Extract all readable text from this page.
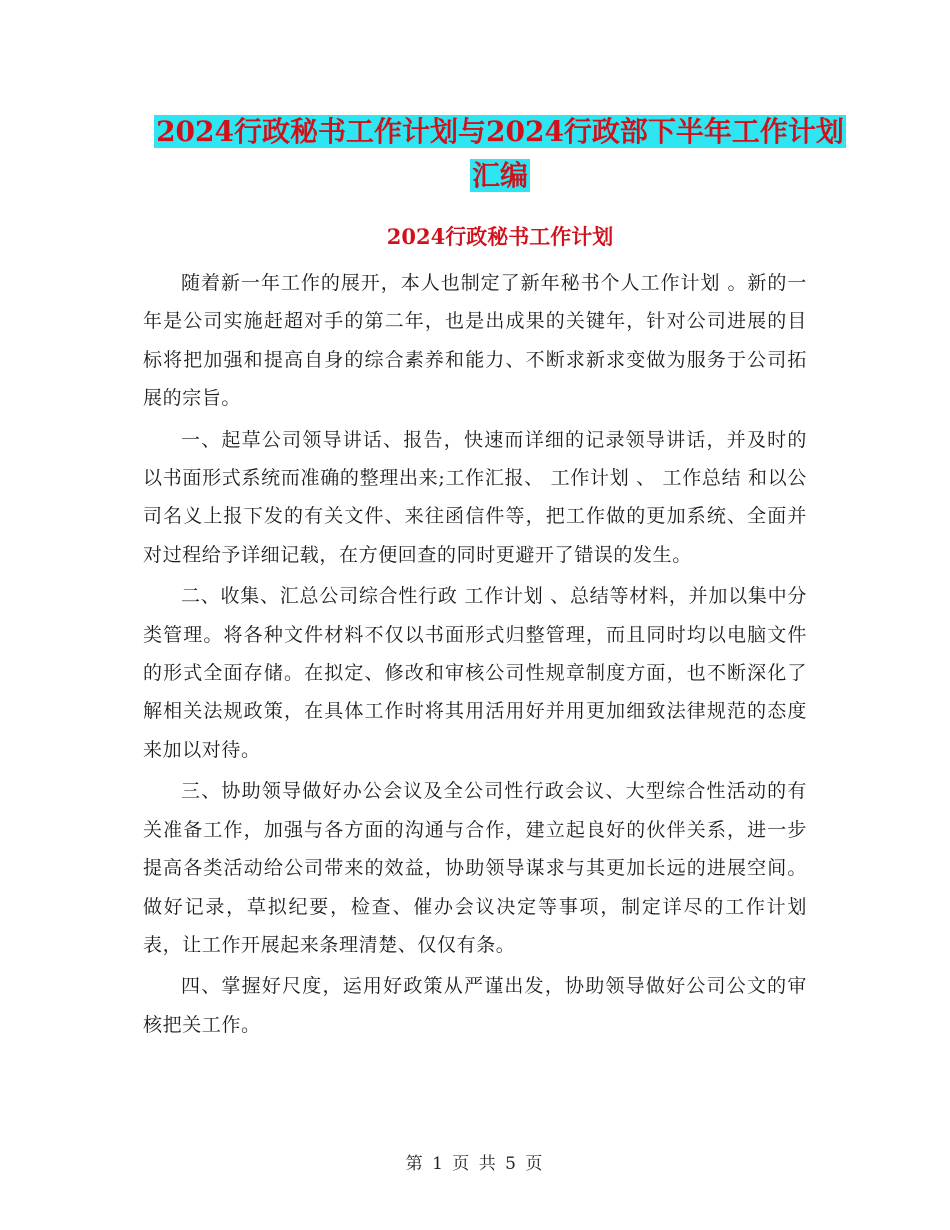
2024行政秘书工作计划与2024行政部下半年工作计划
汇编
2024行政秘书工作计划

随着新一年工作的展开，本人也制定了新年秘书个人工作计划 。新的一年是公司实施赶超对手的第二年，也是出成果的关键年，针对公司进展的目标将把加强和提高自身的综合素养和能力、不断求新求变做为服务于公司拓展的宗旨。

一、起草公司领导讲话、报告，快速而详细的记录领导讲话，并及时的以书面形式系统而准确的整理出来;工作汇报、 工作计划 、 工作总结 和以公司名义上报下发的有关文件、来往函信件等，把工作做的更加系统、全面并对过程给予详细记载，在方便回查的同时更避开了错误的发生。

二、收集、汇总公司综合性行政 工作计划 、总结等材料，并加以集中分类管理。将各种文件材料不仅以书面形式归整管理，而且同时均以电脑文件的形式全面存储。在拟定、修改和审核公司性规章制度方面，也不断深化了解相关法规政策，在具体工作时将其用活用好并用更加细致法律规范的态度来加以对待。

三、协助领导做好办公会议及全公司性行政会议、大型综合性活动的有关准备工作，加强与各方面的沟通与合作，建立起良好的伙伴关系，进一步提高各类活动给公司带来的效益，协助领导谋求与其更加长远的进展空间。做好记录，草拟纪要，检查、催办会议决定等事项，制定详尽的工作计划表，让工作开展起来条理清楚、仅仅有条。

四、掌握好尺度，运用好政策从严谨出发，协助领导做好公司公文的审核把关工作。

第 1 页 共 5 页
